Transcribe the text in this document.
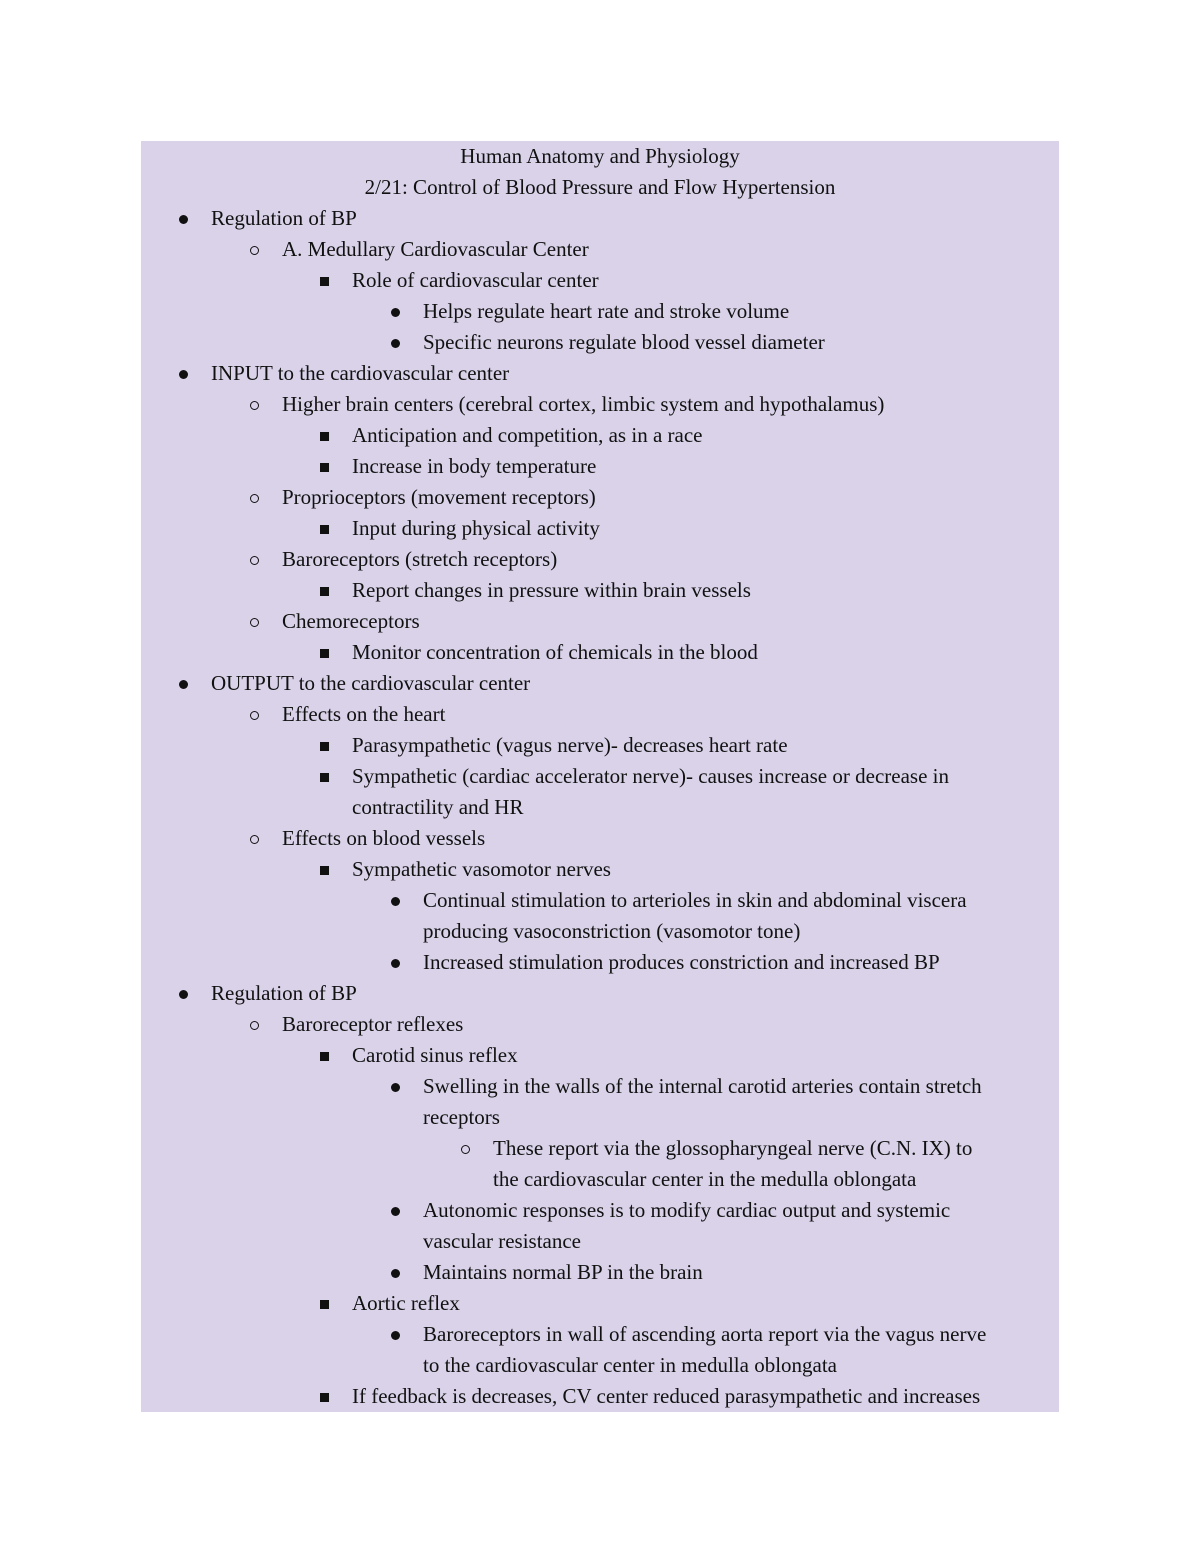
Human Anatomy and Physiology
2/21: Control of Blood Pressure and Flow Hypertension
Regulation of BP
A. Medullary Cardiovascular Center
Role of cardiovascular center
Helps regulate heart rate and stroke volume
Specific neurons regulate blood vessel diameter
INPUT to the cardiovascular center
Higher brain centers (cerebral cortex, limbic system and hypothalamus)
Anticipation and competition, as in a race
Increase in body temperature
Proprioceptors (movement receptors)
Input during physical activity
Baroreceptors (stretch receptors)
Report changes in pressure within brain vessels
Chemoreceptors
Monitor concentration of chemicals in the blood
OUTPUT to the cardiovascular center
Effects on the heart
Parasympathetic (vagus nerve)- decreases heart rate
Sympathetic (cardiac accelerator nerve)- causes increase or decrease in
contractility and HR
Effects on blood vessels
Sympathetic vasomotor nerves
Continual stimulation to arterioles in skin and abdominal viscera
producing vasoconstriction (vasomotor tone)
Increased stimulation produces constriction and increased BP
Regulation of BP
Baroreceptor reflexes
Carotid sinus reflex
Swelling in the walls of the internal carotid arteries contain stretch
receptors
These report via the glossopharyngeal nerve (C.N. IX) to
the cardiovascular center in the medulla oblongata
Autonomic responses is to modify cardiac output and systemic
vascular resistance
Maintains normal BP in the brain
Aortic reflex
Baroreceptors in wall of ascending aorta report via the vagus nerve
to the cardiovascular center in medulla oblongata
If feedback is decreases, CV center reduced parasympathetic and increases
